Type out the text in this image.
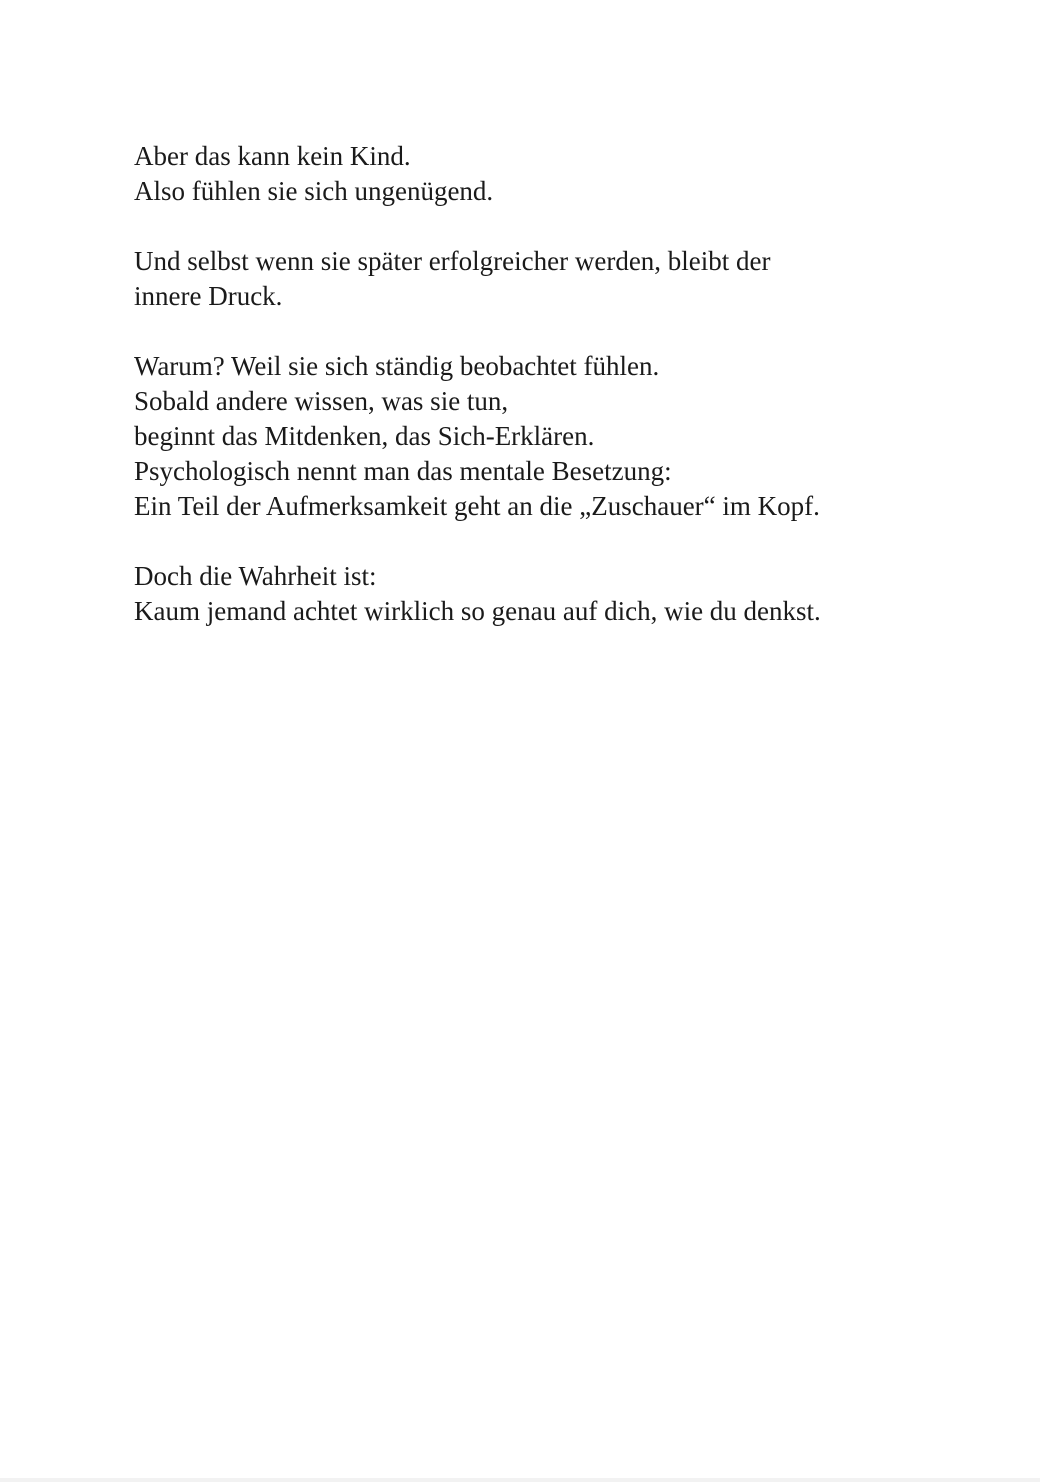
Aber das kann kein Kind.
Also fühlen sie sich ungenügend.

Und selbst wenn sie später erfolgreicher werden, bleibt der
innere Druck.

Warum? Weil sie sich ständig beobachtet fühlen.
Sobald andere wissen, was sie tun,
beginnt das Mitdenken, das Sich-Erklären.
Psychologisch nennt man das mentale Besetzung:
Ein Teil der Aufmerksamkeit geht an die „Zuschauer“ im Kopf.

Doch die Wahrheit ist:
Kaum jemand achtet wirklich so genau auf dich, wie du denkst.
